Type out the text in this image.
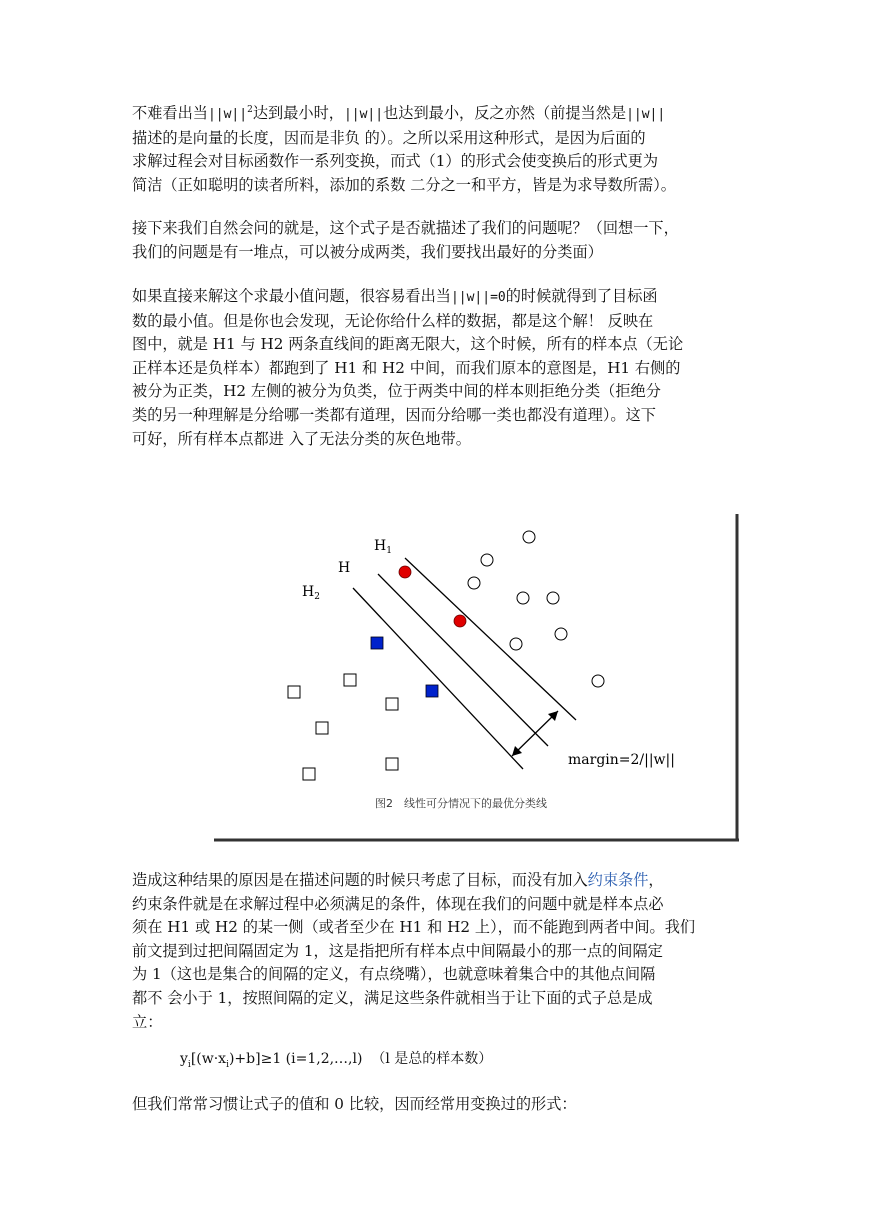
不难看出当$||w||^2$达到最小时，||w||也达到最小，反之亦然（前提当然是||w||
描述的是向量的长度，因而是非负 的）。之所以采用这种形式，是因为后面的
求解过程会对目标函数作一系列变换，而式（1）的形式会使变换后的形式更为
简洁（正如聪明的读者所料，添加的系数 二分之一和平方，皆是为求导数所需）。
接下来我们自然会问的就是，这个式子是否就描述了我们的问题呢？（回想一下，
我们的问题是有一堆点，可以被分成两类，我们要找出最好的分类面）
如果直接来解这个求最小值问题，很容易看出当||w||=0的时候就得到了目标函
数的最小值。但是你也会发现，无论你给什么样的数据，都是这个解！ 反映在
图中，就是 H1 与 H2 两条直线间的距离无限大，这个时候，所有的样本点（无论
正样本还是负样本）都跑到了 H1 和 H2 中间，而我们原本的意图是，H1 右侧的
被分为正类，H2 左侧的被分为负类，位于两类中间的样本则拒绝分类（拒绝分
类的另一种理解是分给哪一类都有道理，因而分给哪一类也都没有道理）。这下
可好，所有样本点都进 入了无法分类的灰色地带。
$H_1$
H
$H_2$
margin=2/||w||
图2　线性可分情况下的最优分类线
造成这种结果的原因是在描述问题的时候只考虑了目标，而没有加入约束条件，
约束条件就是在求解过程中必须满足的条件，体现在我们的问题中就是样本点必
须在 H1 或 H2 的某一侧（或者至少在 H1 和 H2 上），而不能跑到两者中间。我们
前文提到过把间隔固定为 1，这是指把所有样本点中间隔最小的那一点的间隔定
为 1（这也是集合的间隔的定义，有点绕嘴），也就意味着集合中的其他点间隔
都不 会小于 1，按照间隔的定义，满足这些条件就相当于让下面的式子总是成
立：
$y_i[(w\cdot x_i)+b]\ge 1$ (i=1,2,…,l) （l 是总的样本数）
但我们常常习惯让式子的值和 0 比较，因而经常用变换过的形式：
